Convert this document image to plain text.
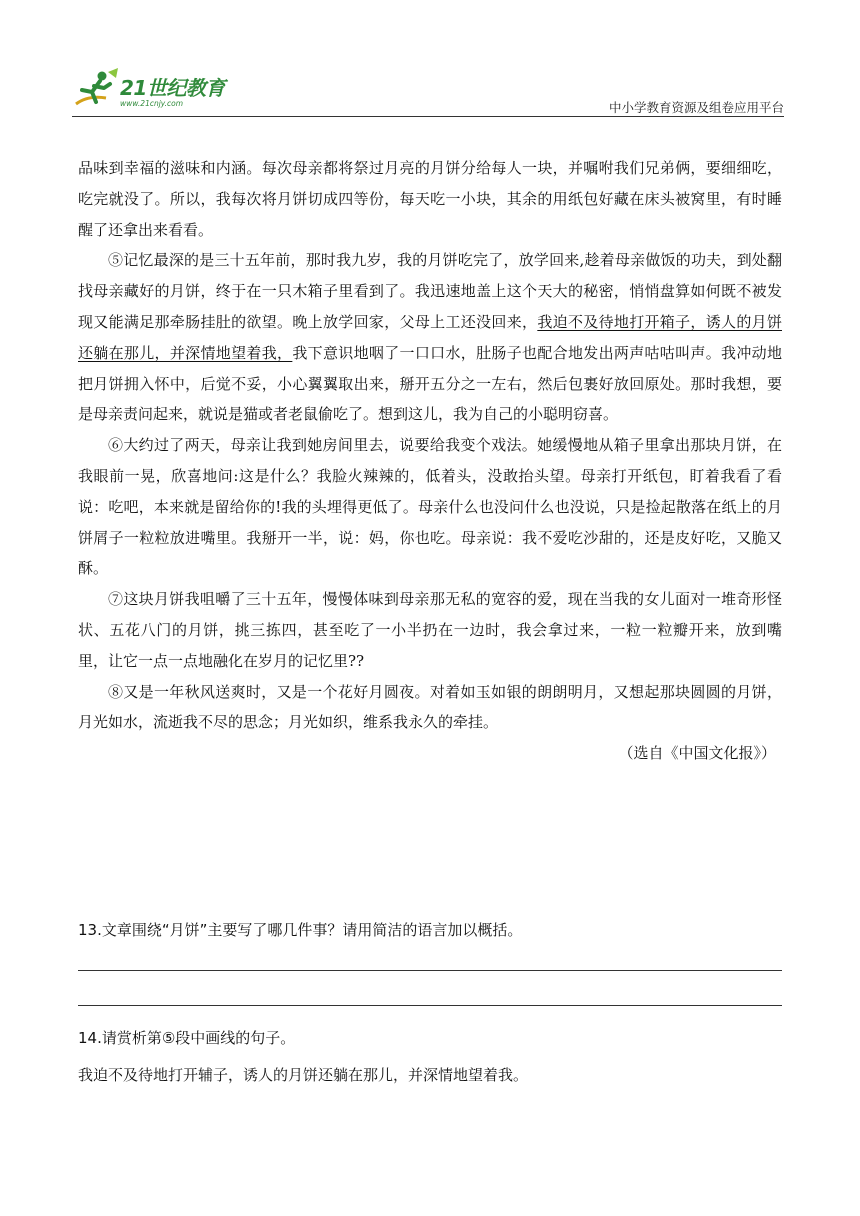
21世纪教育
www.21cnjy.com	中小学教育资源及组卷应用平台

品味到幸福的滋味和内涵。每次母亲都将祭过月亮的月饼分给每人一块，并嘱咐我们兄弟俩，要细细吃，吃完就没了。所以，我每次将月饼切成四等份，每天吃一小块，其余的用纸包好藏在床头被窝里，有时睡醒了还拿出来看看。

⑤记忆最深的是三十五年前，那时我九岁，我的月饼吃完了，放学回来,趁着母亲做饭的功夫，到处翻找母亲藏好的月饼，终于在一只木箱子里看到了。我迅速地盖上这个天大的秘密，悄悄盘算如何既不被发现又能满足那牵肠挂肚的欲望。晚上放学回家，父母上工还没回来，我迫不及待地打开箱子，诱人的月饼还躺在那儿，并深情地望着我，我下意识地咽了一口口水，肚肠子也配合地发出两声咕咕叫声。我冲动地把月饼拥入怀中，后觉不妥，小心翼翼取出来，掰开五分之一左右，然后包裹好放回原处。那时我想，要是母亲责问起来，就说是猫或者老鼠偷吃了。想到这儿，我为自己的小聪明窃喜。

⑥大约过了两天，母亲让我到她房间里去，说要给我变个戏法。她缓慢地从箱子里拿出那块月饼，在我眼前一晃，欣喜地问:这是什么？我脸火辣辣的，低着头，没敢抬头望。母亲打开纸包，盯着我看了看说：吃吧，本来就是留给你的!我的头埋得更低了。母亲什么也没问什么也没说，只是捡起散落在纸上的月饼屑子一粒粒放进嘴里。我掰开一半，说：妈，你也吃。母亲说：我不爱吃沙甜的，还是皮好吃，又脆又酥。

⑦这块月饼我咀嚼了三十五年，慢慢体味到母亲那无私的宽容的爱，现在当我的女儿面对一堆奇形怪状、五花八门的月饼，挑三拣四，甚至吃了一小半扔在一边时，我会拿过来，一粒一粒瓣开来，放到嘴里，让它一点一点地融化在岁月的记忆里??

⑧又是一年秋风送爽时，又是一个花好月圆夜。对着如玉如银的朗朗明月，又想起那块圆圆的月饼，月光如水，流逝我不尽的思念；月光如织，维系我永久的牵挂。

（选自《中国文化报》）

13.文章围绕“月饼”主要写了哪几件事？请用简洁的语言加以概括。
14.请赏析第⑤段中画线的句子。
我迫不及待地打开辅子，诱人的月饼还躺在那儿，并深情地望着我。
